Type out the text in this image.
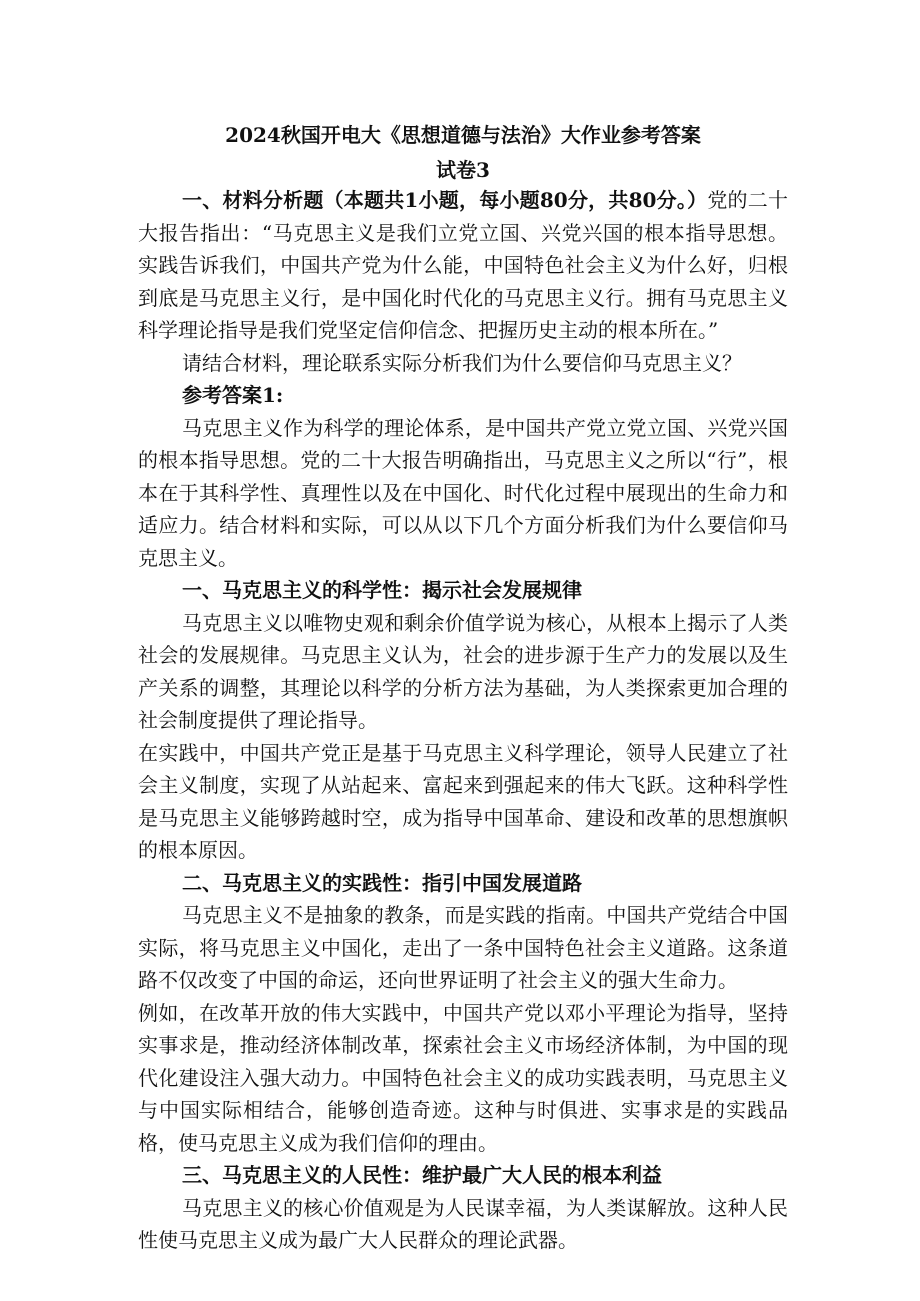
2024秋国开电大《思想道德与法治》大作业参考答案
试卷3

一、材料分析题（本题共1小题，每小题80分，共80分。）党的二十大报告指出：“马克思主义是我们立党立国、兴党兴国的根本指导思想。实践告诉我们，中国共产党为什么能，中国特色社会主义为什么好，归根到底是马克思主义行，是中国化时代化的马克思主义行。拥有马克思主义科学理论指导是我们党坚定信仰信念、把握历史主动的根本所在。”

请结合材料，理论联系实际分析我们为什么要信仰马克思主义？

参考答案1:

马克思主义作为科学的理论体系，是中国共产党立党立国、兴党兴国的根本指导思想。党的二十大报告明确指出，马克思主义之所以“行”，根本在于其科学性、真理性以及在中国化、时代化过程中展现出的生命力和适应力。结合材料和实际，可以从以下几个方面分析我们为什么要信仰马克思主义。

一、马克思主义的科学性：揭示社会发展规律

马克思主义以唯物史观和剩余价值学说为核心，从根本上揭示了人类社会的发展规律。马克思主义认为，社会的进步源于生产力的发展以及生产关系的调整，其理论以科学的分析方法为基础，为人类探索更加合理的社会制度提供了理论指导。

在实践中，中国共产党正是基于马克思主义科学理论，领导人民建立了社会主义制度，实现了从站起来、富起来到强起来的伟大飞跃。这种科学性是马克思主义能够跨越时空，成为指导中国革命、建设和改革的思想旗帜的根本原因。

二、马克思主义的实践性：指引中国发展道路

马克思主义不是抽象的教条，而是实践的指南。中国共产党结合中国实际，将马克思主义中国化，走出了一条中国特色社会主义道路。这条道路不仅改变了中国的命运，还向世界证明了社会主义的强大生命力。

例如，在改革开放的伟大实践中，中国共产党以邓小平理论为指导，坚持实事求是，推动经济体制改革，探索社会主义市场经济体制，为中国的现代化建设注入强大动力。中国特色社会主义的成功实践表明，马克思主义与中国实际相结合，能够创造奇迹。这种与时俱进、实事求是的实践品格，使马克思主义成为我们信仰的理由。

三、马克思主义的人民性：维护最广大人民的根本利益

马克思主义的核心价值观是为人民谋幸福，为人类谋解放。这种人民性使马克思主义成为最广大人民群众的理论武器。
